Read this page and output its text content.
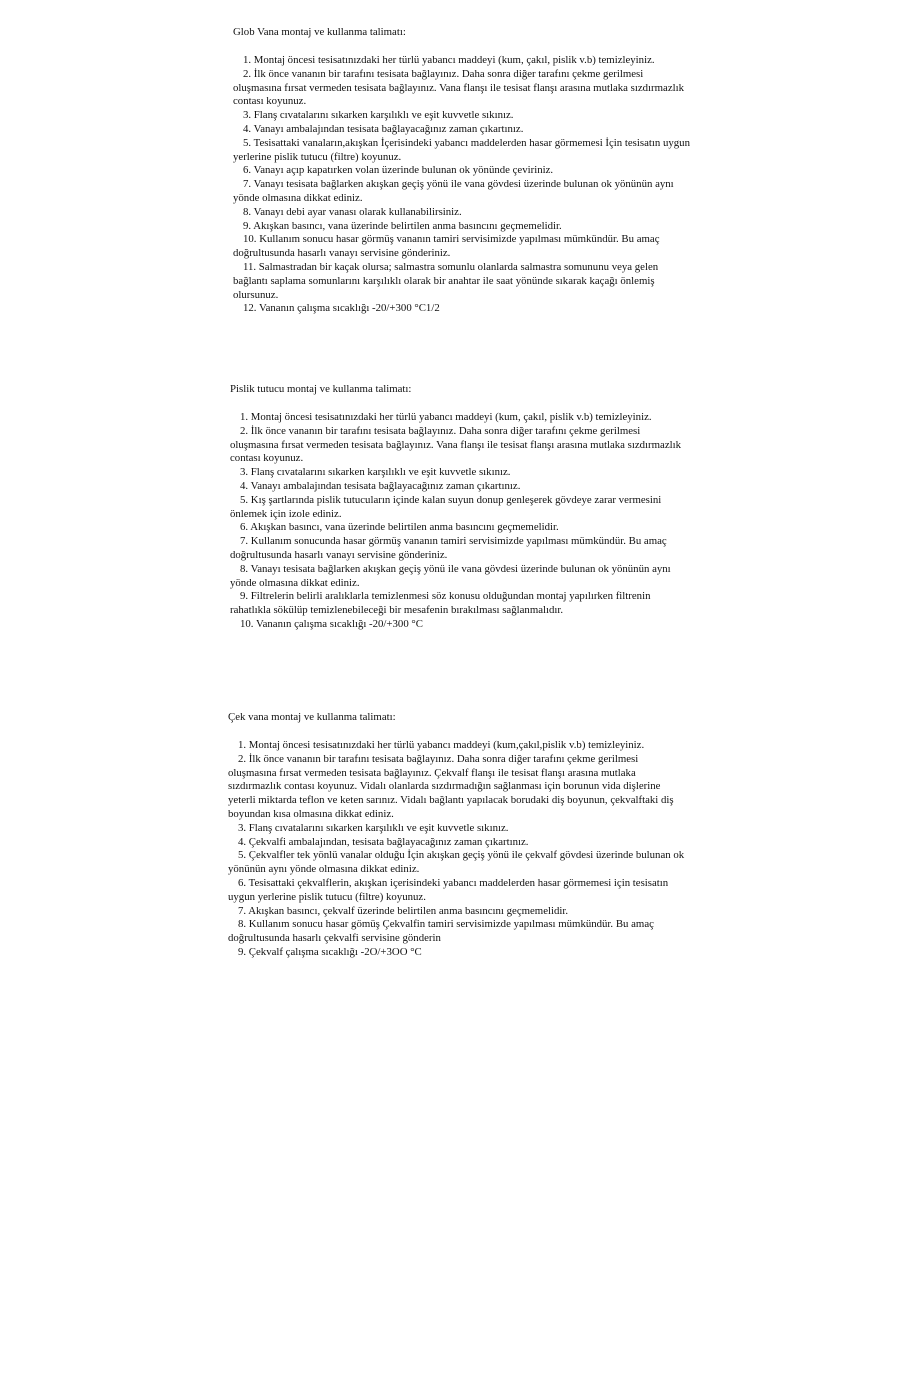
Glob Vana montaj ve kullanma talimatı:
1. Montaj öncesi tesisatınızdaki her türlü yabancı maddeyi (kum, çakıl, pislik v.b) temizleyiniz.
2. İlk önce vananın bir tarafını tesisata bağlayınız. Daha sonra diğer tarafını çekme gerilmesi oluşmasına fırsat vermeden tesisata bağlayınız. Vana flanşı ile tesisat flanşı arasına mutlaka sızdırmazlık contası koyunuz.
3. Flanş cıvatalarını sıkarken karşılıklı ve eşit kuvvetle sıkınız.
4. Vanayı ambalajından tesisata bağlayacağınız zaman çıkartınız.
5. Tesisattaki vanaların,akışkan İçerisindeki yabancı maddelerden hasar görmemesi İçin tesisatın uygun yerlerine pislik tutucu (filtre) koyunuz.
6. Vanayı açıp kapatırken volan üzerinde bulunan ok yönünde çeviriniz.
7. Vanayı tesisata bağlarken akışkan geçiş yönü ile vana gövdesi üzerinde bulunan ok yönünün aynı yönde olmasına dikkat ediniz.
8. Vanayı debi ayar vanası olarak kullanabilirsiniz.
9. Akışkan basıncı, vana üzerinde belirtilen anma basıncını geçmemelidir.
10. Kullanım sonucu hasar görmüş vananın tamiri servisimizde yapılması mümkündür. Bu amaç doğrultusunda hasarlı vanayı servisine gönderiniz.
11. Salmastradan bir kaçak olursa; salmastra somunlu olanlarda salmastra somununu veya gelen bağlantı saplama somunlarını karşılıklı olarak bir anahtar ile saat yönünde sıkarak kaçağı önlemiş olursunuz.
12. Vananın çalışma sıcaklığı -20/+300 °C1/2
Pislik tutucu montaj ve kullanma talimatı:
1. Montaj öncesi tesisatınızdaki her türlü yabancı maddeyi (kum, çakıl, pislik v.b) temizleyiniz.
2. İlk önce vananın bir tarafını tesisata bağlayınız. Daha sonra diğer tarafını çekme gerilmesi oluşmasına fırsat vermeden tesisata bağlayınız. Vana flanşı ile tesisat flanşı arasına mutlaka sızdırmazlık contası koyunuz.
3. Flanş cıvatalarını sıkarken karşılıklı ve eşit kuvvetle sıkınız.
4. Vanayı ambalajından tesisata bağlayacağınız zaman çıkartınız.
5. Kış şartlarında pislik tutucuların içinde kalan suyun donup genleşerek gövdeye zarar vermesini önlemek için izole ediniz.
6. Akışkan basıncı, vana üzerinde belirtilen anma basıncını geçmemelidir.
7. Kullanım sonucunda hasar görmüş vananın tamiri servisimizde yapılması mümkündür. Bu amaç doğrultusunda hasarlı vanayı servisine gönderiniz.
8. Vanayı tesisata bağlarken akışkan geçiş yönü ile vana gövdesi üzerinde bulunan ok yönünün aynı yönde olmasına dikkat ediniz.
9. Filtrelerin belirli aralıklarla temizlenmesi söz konusu olduğundan montaj yapılırken filtrenin rahatlıkla sökülüp temizlenebileceği bir mesafenin bırakılması sağlanmalıdır.
10. Vananın çalışma sıcaklığı -20/+300 °C
Çek vana montaj ve kullanma talimatı:
1. Montaj öncesi tesisatınızdaki her türlü yabancı maddeyi (kum,çakıl,pislik v.b) temizleyiniz.
2. İlk önce vananın bir tarafını tesisata bağlayınız. Daha sonra diğer tarafını çekme gerilmesi oluşmasına fırsat vermeden tesisata bağlayınız. Çekvalf flanşı ile tesisat flanşı arasına mutlaka sızdırmazlık contası koyunuz. Vidalı olanlarda sızdırmadığın sağlanması için borunun vida dişlerine yeterli miktarda teflon ve keten sarınız. Vidalı bağlantı yapılacak borudaki diş boyunun, çekvalftaki diş boyundan kısa olmasına dikkat ediniz.
3. Flanş cıvatalarını sıkarken karşılıklı ve eşit kuvvetle sıkınız.
4. Çekvalfi ambalajından, tesisata bağlayacağınız zaman çıkartınız.
5. Çekvalfler tek yönlü vanalar olduğu İçin akışkan geçiş yönü ile çekvalf gövdesi üzerinde bulunan ok yönünün aynı yönde olmasına dikkat ediniz.
6. Tesisattaki çekvalflerin, akışkan içerisindeki yabancı maddelerden hasar görmemesi için tesisatın uygun yerlerine pislik tutucu (filtre) koyunuz.
7. Akışkan basıncı, çekvalf üzerinde belirtilen anma basıncını geçmemelidir.
8. Kullanım sonucu hasar gömüş Çekvalfin tamiri servisimizde yapılması mümkündür. Bu amaç doğrultusunda hasarlı çekvalfi servisine gönderin
9. Çekvalf çalışma sıcaklığı -2O/+3OO °C
